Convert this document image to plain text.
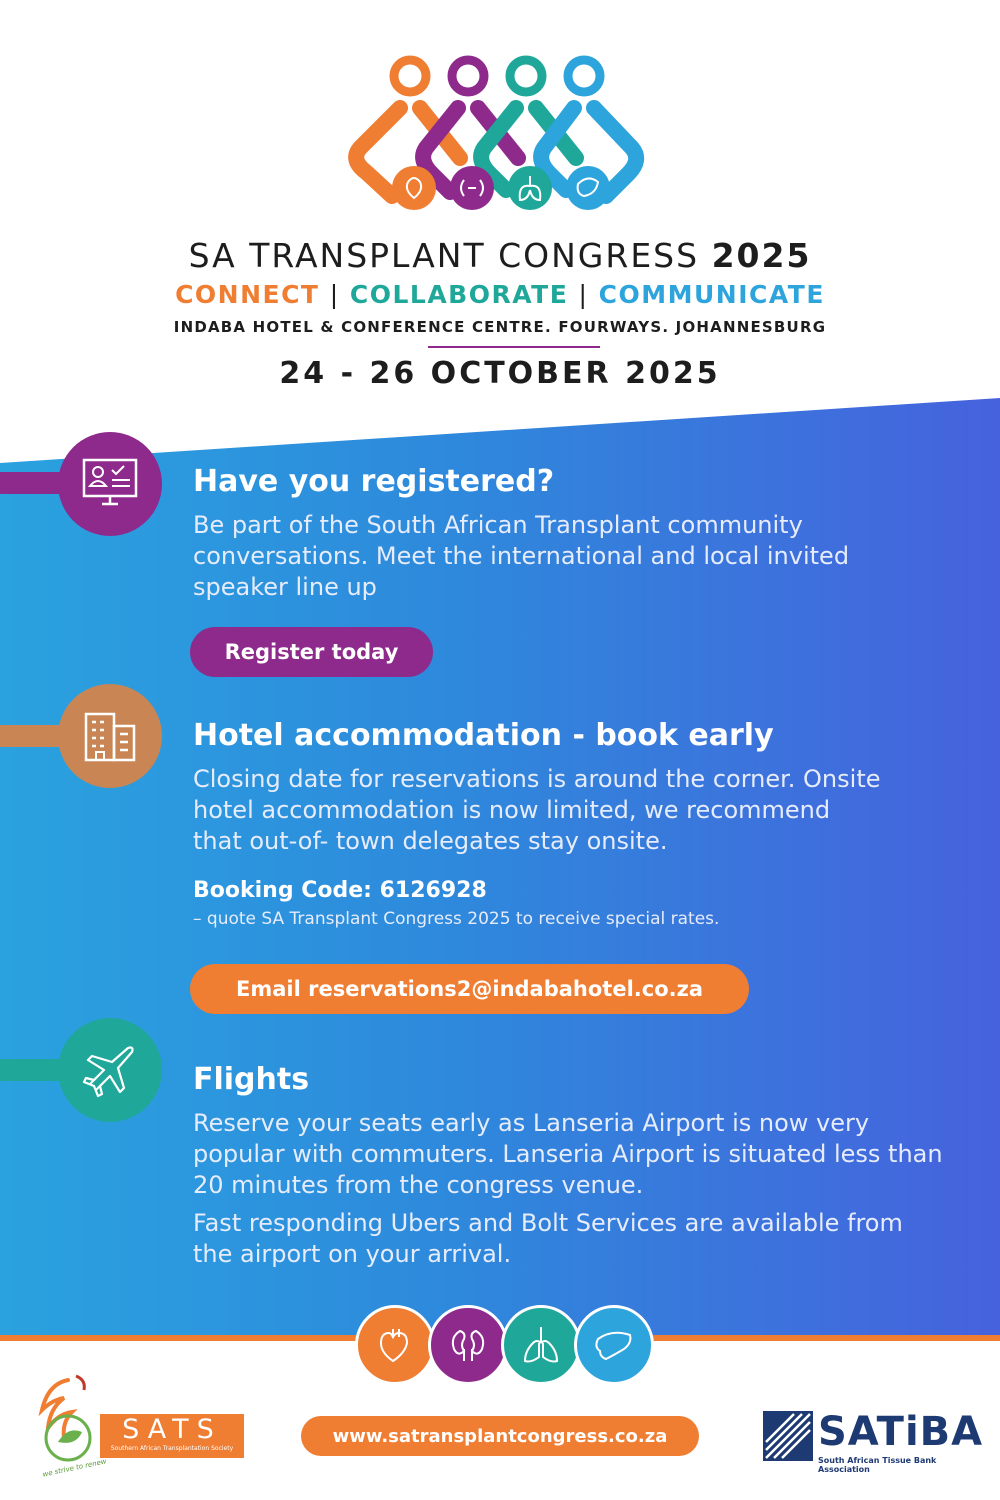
SA TRANSPLANT CONGRESS 2025
CONNECT | COLLABORATE | COMMUNICATE
INDABA HOTEL & CONFERENCE CENTRE. FOURWAYS. JOHANNESBURG
24 - 26 OCTOBER 2025
Have you registered?
Be part of the South African Transplant community conversations. Meet the international and local invited speaker line up
Register today
Hotel accommodation - book early
Closing date for reservations is around the corner. Onsite hotel accommodation is now limited, we recommend that out-of- town delegates stay onsite.
Booking Code: 6126928
– quote SA Transplant Congress 2025 to receive special rates.
Email reservations2@indabahotel.co.za
Flights
Reserve your seats early as Lanseria Airport is now very popular with commuters. Lanseria Airport is situated less than 20 minutes from the congress venue.
Fast responding Ubers and Bolt Services are available from the airport on your arrival.
SATS
Southern African Transplantation Society
we strive to renew
www.satransplantcongress.co.za	SATiBA
South African Tissue Bank Association
